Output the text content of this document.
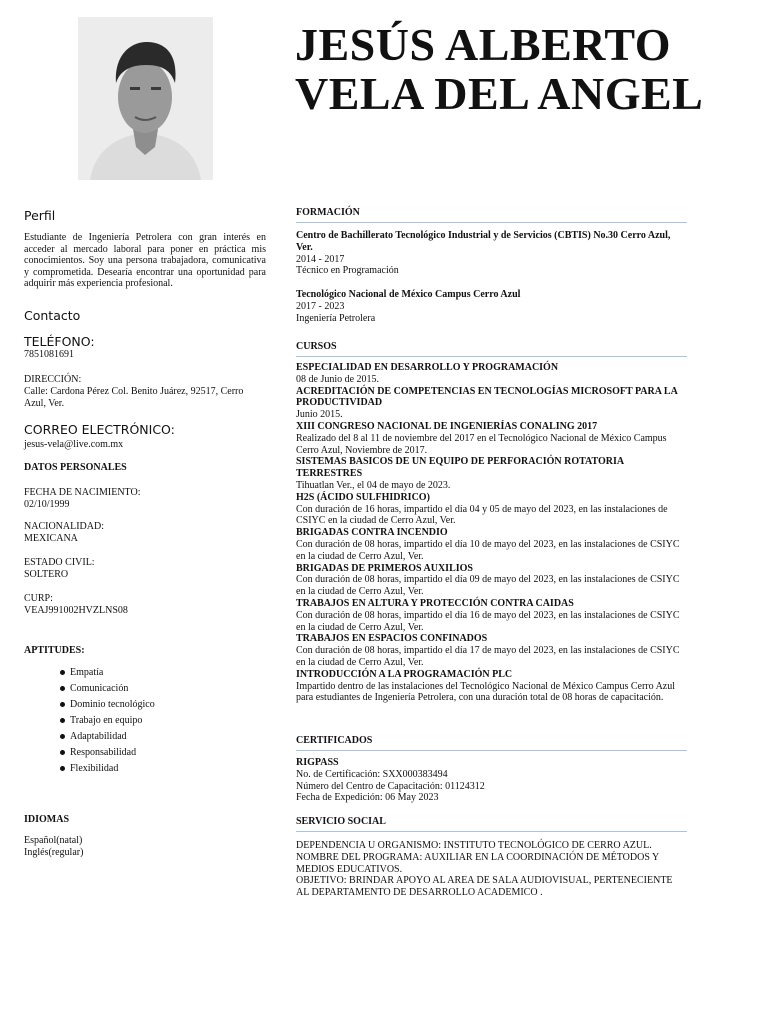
Perfil

Estudiante de Ingeniería Petrolera con gran interés en acceder al mercado laboral para poner en práctica mis conocimientos. Soy una persona trabajadora, comunicativa y comprometida. Desearía encontrar una oportunidad para adquirir más experiencia profesional.

Contacto

TELÉFONO:

7851081691

DIRECCIÓN:

Calle: Cardona Pérez Col. Benito Juárez, 92517, Cerro Azul, Ver.

CORREO ELECTRÓNICO:

jesus-vela@live.com.mx

DATOS PERSONALES

FECHA DE NACIMIENTO:

02/10/1999

NACIONALIDAD:

MEXICANA

ESTADO CIVIL:

SOLTERO

CURP:

VEAJ991002HVZLNS08

APTITUDES:

Empatía
Comunicación
Dominio tecnológico
Trabajo en equipo
Adaptabilidad
Responsabilidad
Flexibilidad

IDIOMAS

Español(natal)

Inglés(regular)

JESÚS ALBERTO
VELA DEL ANGEL

FORMACIÓN

Centro de Bachillerato Tecnológico Industrial y de Servicios (CBTIS) No.30 Cerro Azul, Ver.
2014 - 2017
Técnico en Programación
Tecnológico Nacional de México Campus Cerro Azul
2017 - 2023
Ingeniería Petrolera

CURSOS

ESPECIALIDAD EN DESARROLLO Y PROGRAMACIÓN
08 de Junio de 2015.
ACREDITACIÓN DE COMPETENCIAS EN TECNOLOGÍAS MICROSOFT PARA LA PRODUCTIVIDAD
Junio 2015.
XIII CONGRESO NACIONAL DE INGENIERÍAS CONALING 2017
Realizado del 8 al 11 de noviembre del 2017 en el Tecnológico Nacional de México Campus Cerro Azul, Noviembre de 2017.
SISTEMAS BASICOS DE UN EQUIPO DE PERFORACIÓN ROTATORIA TERRESTRES
Tihuatlan Ver., el 04 de mayo de 2023.
H2S (ÁCIDO SULFHIDRICO)
Con duración de 16 horas, impartido el día 04 y 05 de mayo del 2023, en las instalaciones de CSIYC en la ciudad de Cerro Azul, Ver.
BRIGADAS CONTRA INCENDIO
Con duración de 08 horas, impartido el día 10 de mayo del 2023, en las instalaciones de CSIYC en la ciudad de Cerro Azul, Ver.
BRIGADAS DE PRIMEROS AUXILIOS
Con duración de 08 horas, impartido el día 09 de mayo del 2023, en las instalaciones de CSIYC en la ciudad de Cerro Azul, Ver.
TRABAJOS EN ALTURA Y PROTECCIÓN CONTRA CAIDAS
Con duración de 08 horas, impartido el día 16 de mayo del 2023, en las instalaciones de CSIYC en la ciudad de Cerro Azul, Ver.
TRABAJOS EN ESPACIOS CONFINADOS
Con duración de 08 horas, impartido el día 17 de mayo del 2023, en las instalaciones de CSIYC en la ciudad de Cerro Azul, Ver.
INTRODUCCIÓN A LA PROGRAMACIÓN PLC
Impartido dentro de las instalaciones del Tecnológico Nacional de México Campus Cerro Azul para estudiantes de Ingeniería Petrolera, con una duración total de 08 horas de capacitación.

CERTIFICADOS

RIGPASS
No. de Certificación: SXX000383494
Número del Centro de Capacitación: 01124312
Fecha de Expedición: 06 May 2023

SERVICIO SOCIAL

DEPENDENCIA U ORGANISMO: INSTITUTO TECNOLÓGICO DE CERRO AZUL.
NOMBRE DEL PROGRAMA: AUXILIAR EN LA COORDINACIÓN DE MÉTODOS Y MEDIOS EDUCATIVOS.
OBJETIVO: BRINDAR APOYO AL AREA DE SALA AUDIOVISUAL, PERTENECIENTE AL DEPARTAMENTO DE DESARROLLO ACADEMICO .
